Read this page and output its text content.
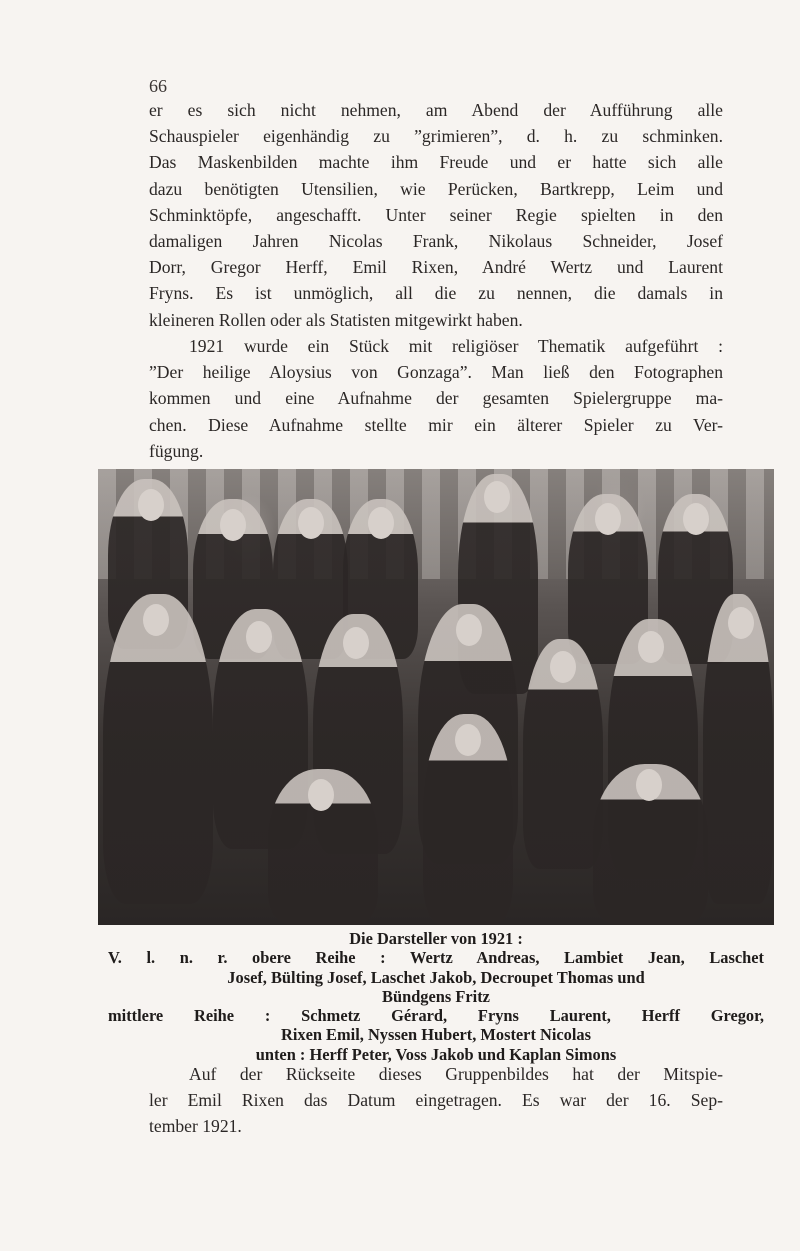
66

er es sich nicht nehmen, am Abend der Aufführung alle
Schauspieler eigenhändig zu ”grimieren”, d. h. zu schminken.
Das Maskenbilden machte ihm Freude und er hatte sich alle
dazu benötigten Utensilien, wie Perücken, Bartkrepp, Leim und
Schminktöpfe, angeschafft. Unter seiner Regie spielten in den
damaligen Jahren Nicolas Frank, Nikolaus Schneider, Josef
Dorr, Gregor Herff, Emil Rixen, André Wertz und Laurent
Fryns. Es ist unmöglich, all die zu nennen, die damals in
kleineren Rollen oder als Statisten mitgewirkt haben.

1921 wurde ein Stück mit religiöser Thematik aufgeführt :
”Der heilige Aloysius von Gonzaga”. Man ließ den Fotographen
kommen und eine Aufnahme der gesamten Spielergruppe ma-
chen. Diese Aufnahme stellte mir ein älterer Spieler zu Ver-
fügung.

Die Darsteller von 1921 :
V. l. n. r. obere Reihe : Wertz Andreas, Lambiet Jean, Laschet
Josef, Bülting Josef, Laschet Jakob, Decroupet Thomas und
Bündgens Fritz
mittlere Reihe : Schmetz Gérard, Fryns Laurent, Herff Gregor,
Rixen Emil, Nyssen Hubert, Mostert Nicolas
unten : Herff Peter, Voss Jakob und Kaplan Simons

Auf der Rückseite dieses Gruppenbildes hat der Mitspie-
ler Emil Rixen das Datum eingetragen. Es war der 16. Sep-
tember 1921.
